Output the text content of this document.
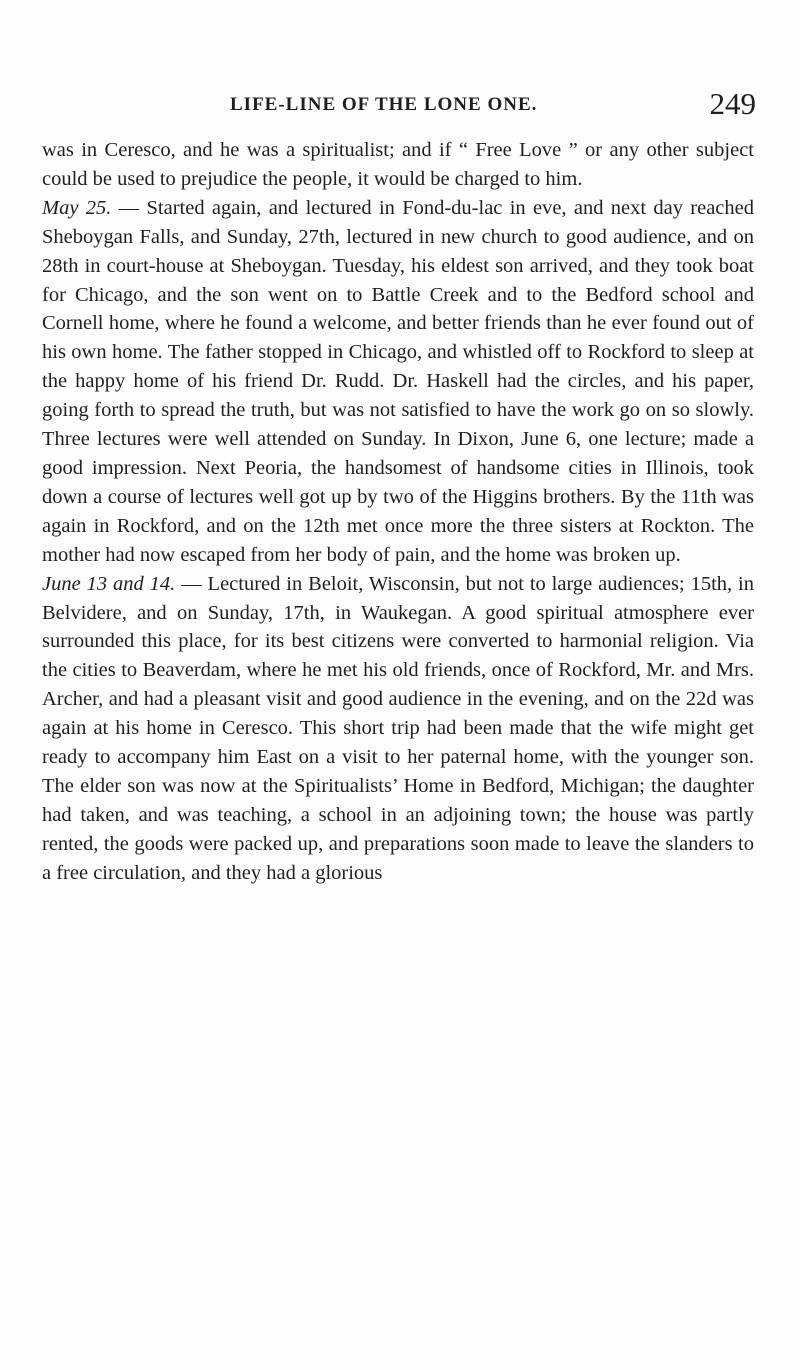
LIFE-LINE OF THE LONE ONE.	249

was in Ceresco, and he was a spiritualist; and if “ Free Love ” or any other subject could be used to prejudice the people, it would be charged to him.

May 25. — Started again, and lectured in Fond-du-lac in eve, and next day reached Sheboygan Falls, and Sunday, 27th, lectured in new church to good audience, and on 28th in court-house at Sheboygan. Tuesday, his eldest son arrived, and they took boat for Chicago, and the son went on to Battle Creek and to the Bedford school and Cornell home, where he found a welcome, and better friends than he ever found out of his own home. The father stopped in Chicago, and whistled off to Rockford to sleep at the happy home of his friend Dr. Rudd. Dr. Haskell had the circles, and his paper, going forth to spread the truth, but was not satisfied to have the work go on so slowly. Three lectures were well attended on Sunday. In Dixon, June 6, one lecture; made a good impression. Next Peoria, the handsomest of handsome cities in Illinois, took down a course of lectures well got up by two of the Higgins brothers. By the 11th was again in Rockford, and on the 12th met once more the three sisters at Rockton. The mother had now escaped from her body of pain, and the home was broken up.

June 13 and 14. — Lectured in Beloit, Wisconsin, but not to large audiences; 15th, in Belvidere, and on Sunday, 17th, in Waukegan. A good spiritual atmosphere ever surrounded this place, for its best citizens were converted to harmonial religion. Via the cities to Beaverdam, where he met his old friends, once of Rockford, Mr. and Mrs. Archer, and had a pleasant visit and good audience in the evening, and on the 22d was again at his home in Ceresco. This short trip had been made that the wife might get ready to accompany him East on a visit to her paternal home, with the younger son. The elder son was now at the Spiritualists’ Home in Bedford, Michigan; the daughter had taken, and was teaching, a school in an adjoining town; the house was partly rented, the goods were packed up, and preparations soon made to leave the slanders to a free circulation, and they had a glorious
